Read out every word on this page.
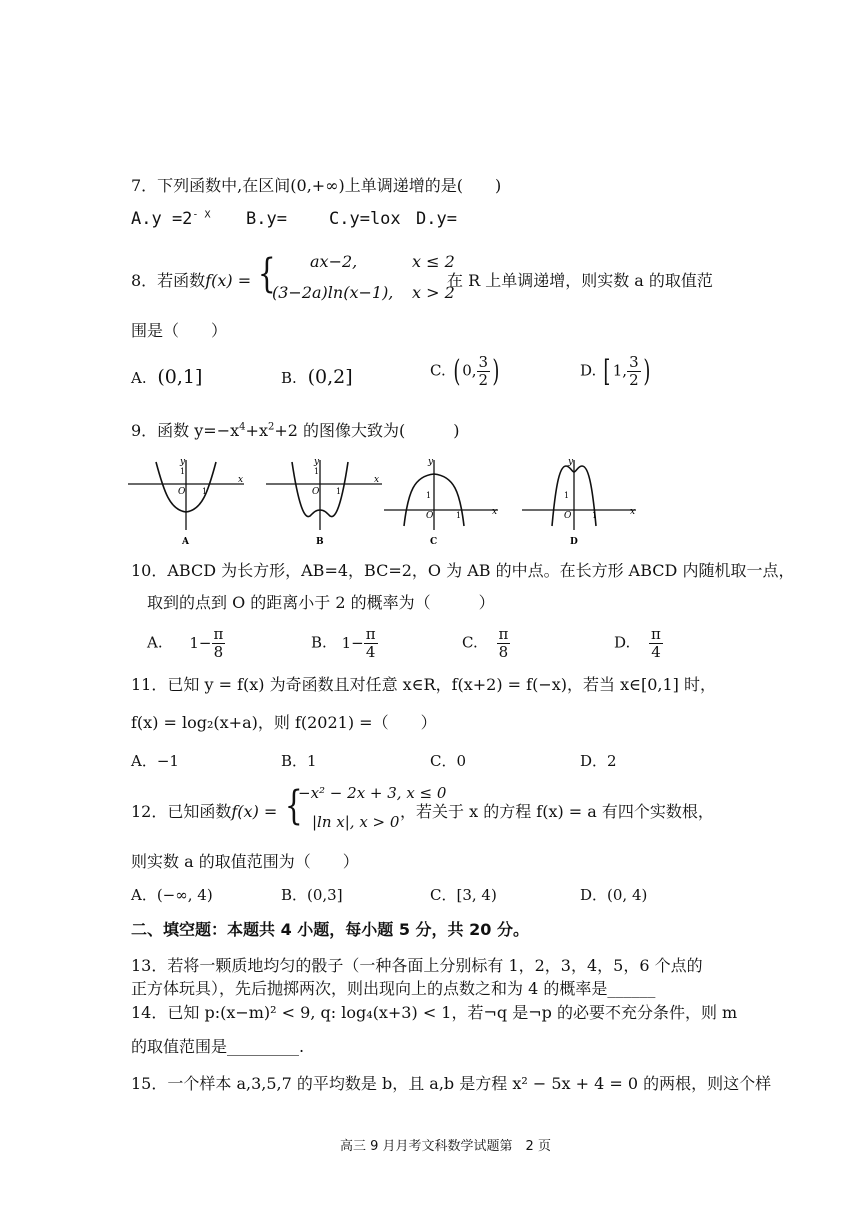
7．下列函数中,在区间(0,+∞)上单调递增的是(　　)
$A.y =2^{- X}$ B.y= C.y=lox D.y=
8．若函数f(x) = { ax−2,	x ≤ 2
(3−2a)ln(x−1), x > 2
在 R 上单调递增，则实数 a 的取值范
围是（　　）
A. (0,1]	B. (0,2]	C. ( 0, $\frac{3}{2}$ )	D. [ 1, $\frac{3}{2}$ )
9．函数 $y=-x^4+x^2+2$ 的图像大致为(　　　)
y
1
O 1
x
A
y
1
O 1
x
B
y
1
O	1	x
C
y
1
O	1	x
D
10．ABCD 为长方形，AB=4，BC=2，O 为 AB 的中点。在长方形 ABCD 内随机取一点，
取到的点到 O 的距离小于 2 的概率为（　　　）
A. $1- \frac{\pi}{8}$	B. $1- \frac{\pi}{4}$	C. $\frac{\pi}{8}$	D. $\frac{\pi}{4}$
11．已知 y = f(x) 为奇函数且对任意 x∈R，f(x+2) = f(−x)，若当 x∈[0,1] 时，
f(x) = log₂(x+a)，则 f(2021) =（　　）
A．−1	B．1	C．0	D．2
12．已知函数f(x) = {
−x² − 2x + 3, x ≤ 0
|ln x|, x > 0
，若关于 x 的方程 f(x) = a 有四个实数根，
则实数 a 的取值范围为（　　）
A．(−∞, 4)	B．(0,3]	C．[3, 4)	D．(0, 4)
二、填空题：本题共 4 小题，每小题 5 分，共 20 分。
13．若将一颗质地均匀的骰子（一种各面上分别标有 1，2，3，4，5，6 个点的
正方体玩具），先后抛掷两次，则出现向上的点数之和为 4 的概率是______
14．已知 p:(x−m)² < 9, q: log₄(x+3) < 1，若¬q 是¬p 的必要不充分条件，则 m
的取值范围是_________.
15．一个样本 a,3,5,7 的平均数是 b，且 a,b 是方程 x² − 5x + 4 = 0 的两根，则这个样
高三 9 月月考文科数学试题第　2 页
